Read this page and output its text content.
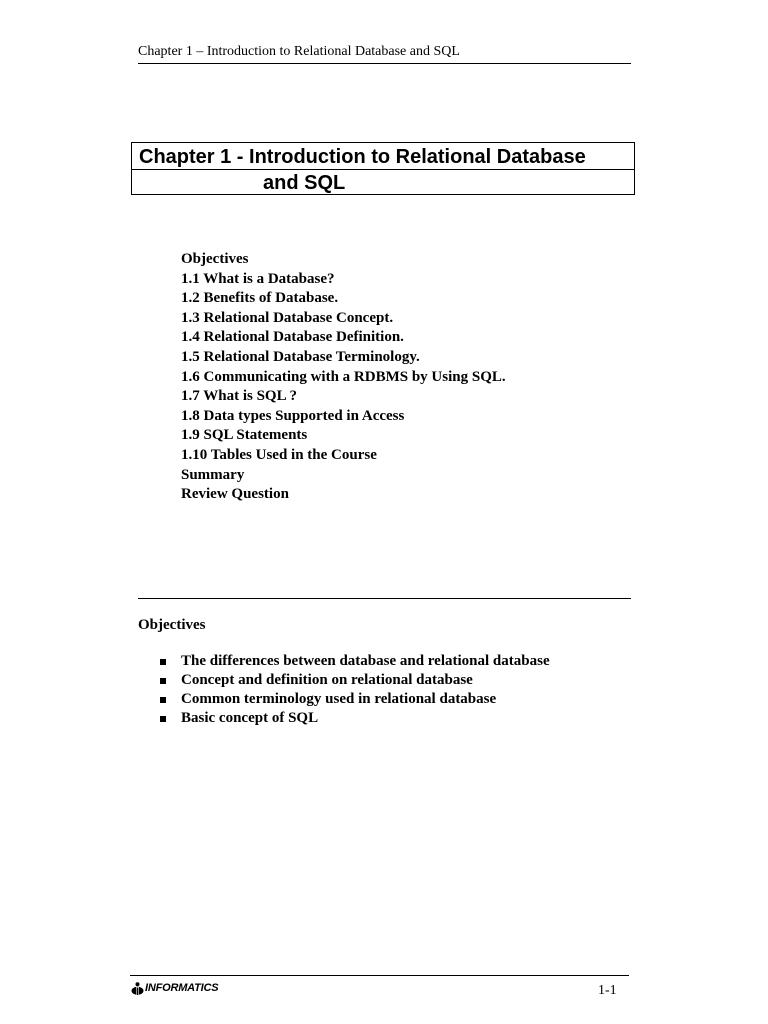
Chapter 1 – Introduction to Relational Database and SQL
Chapter 1 - Introduction to Relational Database
and SQL
Objectives
1.1 What is a Database?
1.2 Benefits of Database.
1.3 Relational Database Concept.
1.4 Relational Database Definition.
1.5 Relational Database Terminology.
1.6 Communicating with a RDBMS by Using SQL.
1.7 What is SQL ?
1.8 Data types Supported in Access
1.9 SQL Statements
1.10 Tables Used in the Course
Summary
Review Question
Objectives
The differences between database and relational database
Concept and definition on relational database
Common terminology used in relational database
Basic concept of SQL
INFORMATICS	1-1
